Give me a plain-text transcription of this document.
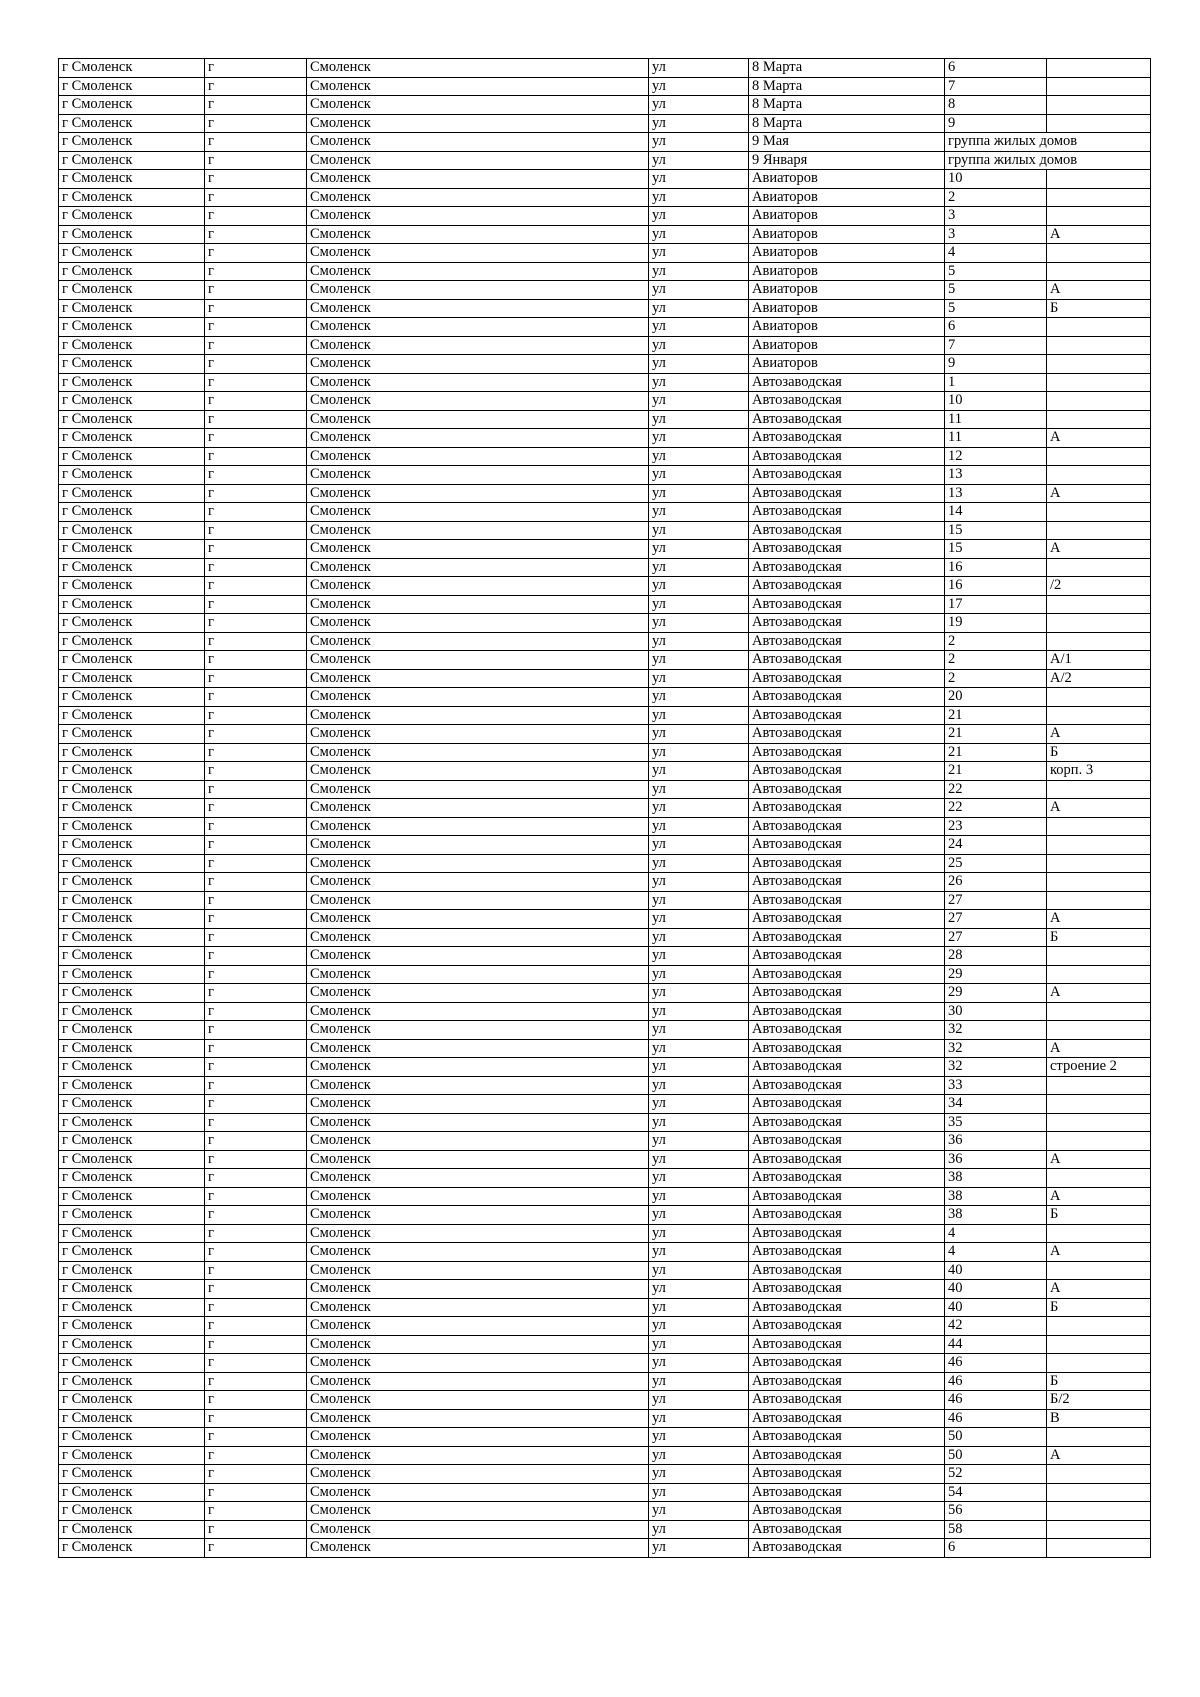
г Смоленск	г	Смоленск	ул	8 Марта	6	
г Смоленск	г	Смоленск	ул	8 Марта	7	
г Смоленск	г	Смоленск	ул	8 Марта	8	
г Смоленск	г	Смоленск	ул	8 Марта	9	
г Смоленск	г	Смоленск	ул	9 Мая	группа жилых домов	
г Смоленск	г	Смоленск	ул	9 Января	группа жилых домов	
г Смоленск	г	Смоленск	ул	Авиаторов	10	
г Смоленск	г	Смоленск	ул	Авиаторов	2	
г Смоленск	г	Смоленск	ул	Авиаторов	3	
г Смоленск	г	Смоленск	ул	Авиаторов	3	А
г Смоленск	г	Смоленск	ул	Авиаторов	4	
г Смоленск	г	Смоленск	ул	Авиаторов	5	
г Смоленск	г	Смоленск	ул	Авиаторов	5	А
г Смоленск	г	Смоленск	ул	Авиаторов	5	Б
г Смоленск	г	Смоленск	ул	Авиаторов	6	
г Смоленск	г	Смоленск	ул	Авиаторов	7	
г Смоленск	г	Смоленск	ул	Авиаторов	9	
г Смоленск	г	Смоленск	ул	Автозаводская	1	
г Смоленск	г	Смоленск	ул	Автозаводская	10	
г Смоленск	г	Смоленск	ул	Автозаводская	11	
г Смоленск	г	Смоленск	ул	Автозаводская	11	А
г Смоленск	г	Смоленск	ул	Автозаводская	12	
г Смоленск	г	Смоленск	ул	Автозаводская	13	
г Смоленск	г	Смоленск	ул	Автозаводская	13	А
г Смоленск	г	Смоленск	ул	Автозаводская	14	
г Смоленск	г	Смоленск	ул	Автозаводская	15	
г Смоленск	г	Смоленск	ул	Автозаводская	15	А
г Смоленск	г	Смоленск	ул	Автозаводская	16	
г Смоленск	г	Смоленск	ул	Автозаводская	16	/2
г Смоленск	г	Смоленск	ул	Автозаводская	17	
г Смоленск	г	Смоленск	ул	Автозаводская	19	
г Смоленск	г	Смоленск	ул	Автозаводская	2	
г Смоленск	г	Смоленск	ул	Автозаводская	2	А/1
г Смоленск	г	Смоленск	ул	Автозаводская	2	А/2
г Смоленск	г	Смоленск	ул	Автозаводская	20	
г Смоленск	г	Смоленск	ул	Автозаводская	21	
г Смоленск	г	Смоленск	ул	Автозаводская	21	А
г Смоленск	г	Смоленск	ул	Автозаводская	21	Б
г Смоленск	г	Смоленск	ул	Автозаводская	21	корп. 3
г Смоленск	г	Смоленск	ул	Автозаводская	22	
г Смоленск	г	Смоленск	ул	Автозаводская	22	А
г Смоленск	г	Смоленск	ул	Автозаводская	23	
г Смоленск	г	Смоленск	ул	Автозаводская	24	
г Смоленск	г	Смоленск	ул	Автозаводская	25	
г Смоленск	г	Смоленск	ул	Автозаводская	26	
г Смоленск	г	Смоленск	ул	Автозаводская	27	
г Смоленск	г	Смоленск	ул	Автозаводская	27	А
г Смоленск	г	Смоленск	ул	Автозаводская	27	Б
г Смоленск	г	Смоленск	ул	Автозаводская	28	
г Смоленск	г	Смоленск	ул	Автозаводская	29	
г Смоленск	г	Смоленск	ул	Автозаводская	29	А
г Смоленск	г	Смоленск	ул	Автозаводская	30	
г Смоленск	г	Смоленск	ул	Автозаводская	32	
г Смоленск	г	Смоленск	ул	Автозаводская	32	А
г Смоленск	г	Смоленск	ул	Автозаводская	32	строение 2
г Смоленск	г	Смоленск	ул	Автозаводская	33	
г Смоленск	г	Смоленск	ул	Автозаводская	34	
г Смоленск	г	Смоленск	ул	Автозаводская	35	
г Смоленск	г	Смоленск	ул	Автозаводская	36	
г Смоленск	г	Смоленск	ул	Автозаводская	36	А
г Смоленск	г	Смоленск	ул	Автозаводская	38	
г Смоленск	г	Смоленск	ул	Автозаводская	38	А
г Смоленск	г	Смоленск	ул	Автозаводская	38	Б
г Смоленск	г	Смоленск	ул	Автозаводская	4	
г Смоленск	г	Смоленск	ул	Автозаводская	4	А
г Смоленск	г	Смоленск	ул	Автозаводская	40	
г Смоленск	г	Смоленск	ул	Автозаводская	40	А
г Смоленск	г	Смоленск	ул	Автозаводская	40	Б
г Смоленск	г	Смоленск	ул	Автозаводская	42	
г Смоленск	г	Смоленск	ул	Автозаводская	44	
г Смоленск	г	Смоленск	ул	Автозаводская	46	
г Смоленск	г	Смоленск	ул	Автозаводская	46	Б
г Смоленск	г	Смоленск	ул	Автозаводская	46	Б/2
г Смоленск	г	Смоленск	ул	Автозаводская	46	В
г Смоленск	г	Смоленск	ул	Автозаводская	50	
г Смоленск	г	Смоленск	ул	Автозаводская	50	А
г Смоленск	г	Смоленск	ул	Автозаводская	52	
г Смоленск	г	Смоленск	ул	Автозаводская	54	
г Смоленск	г	Смоленск	ул	Автозаводская	56	
г Смоленск	г	Смоленск	ул	Автозаводская	58	
г Смоленск	г	Смоленск	ул	Автозаводская	6	
